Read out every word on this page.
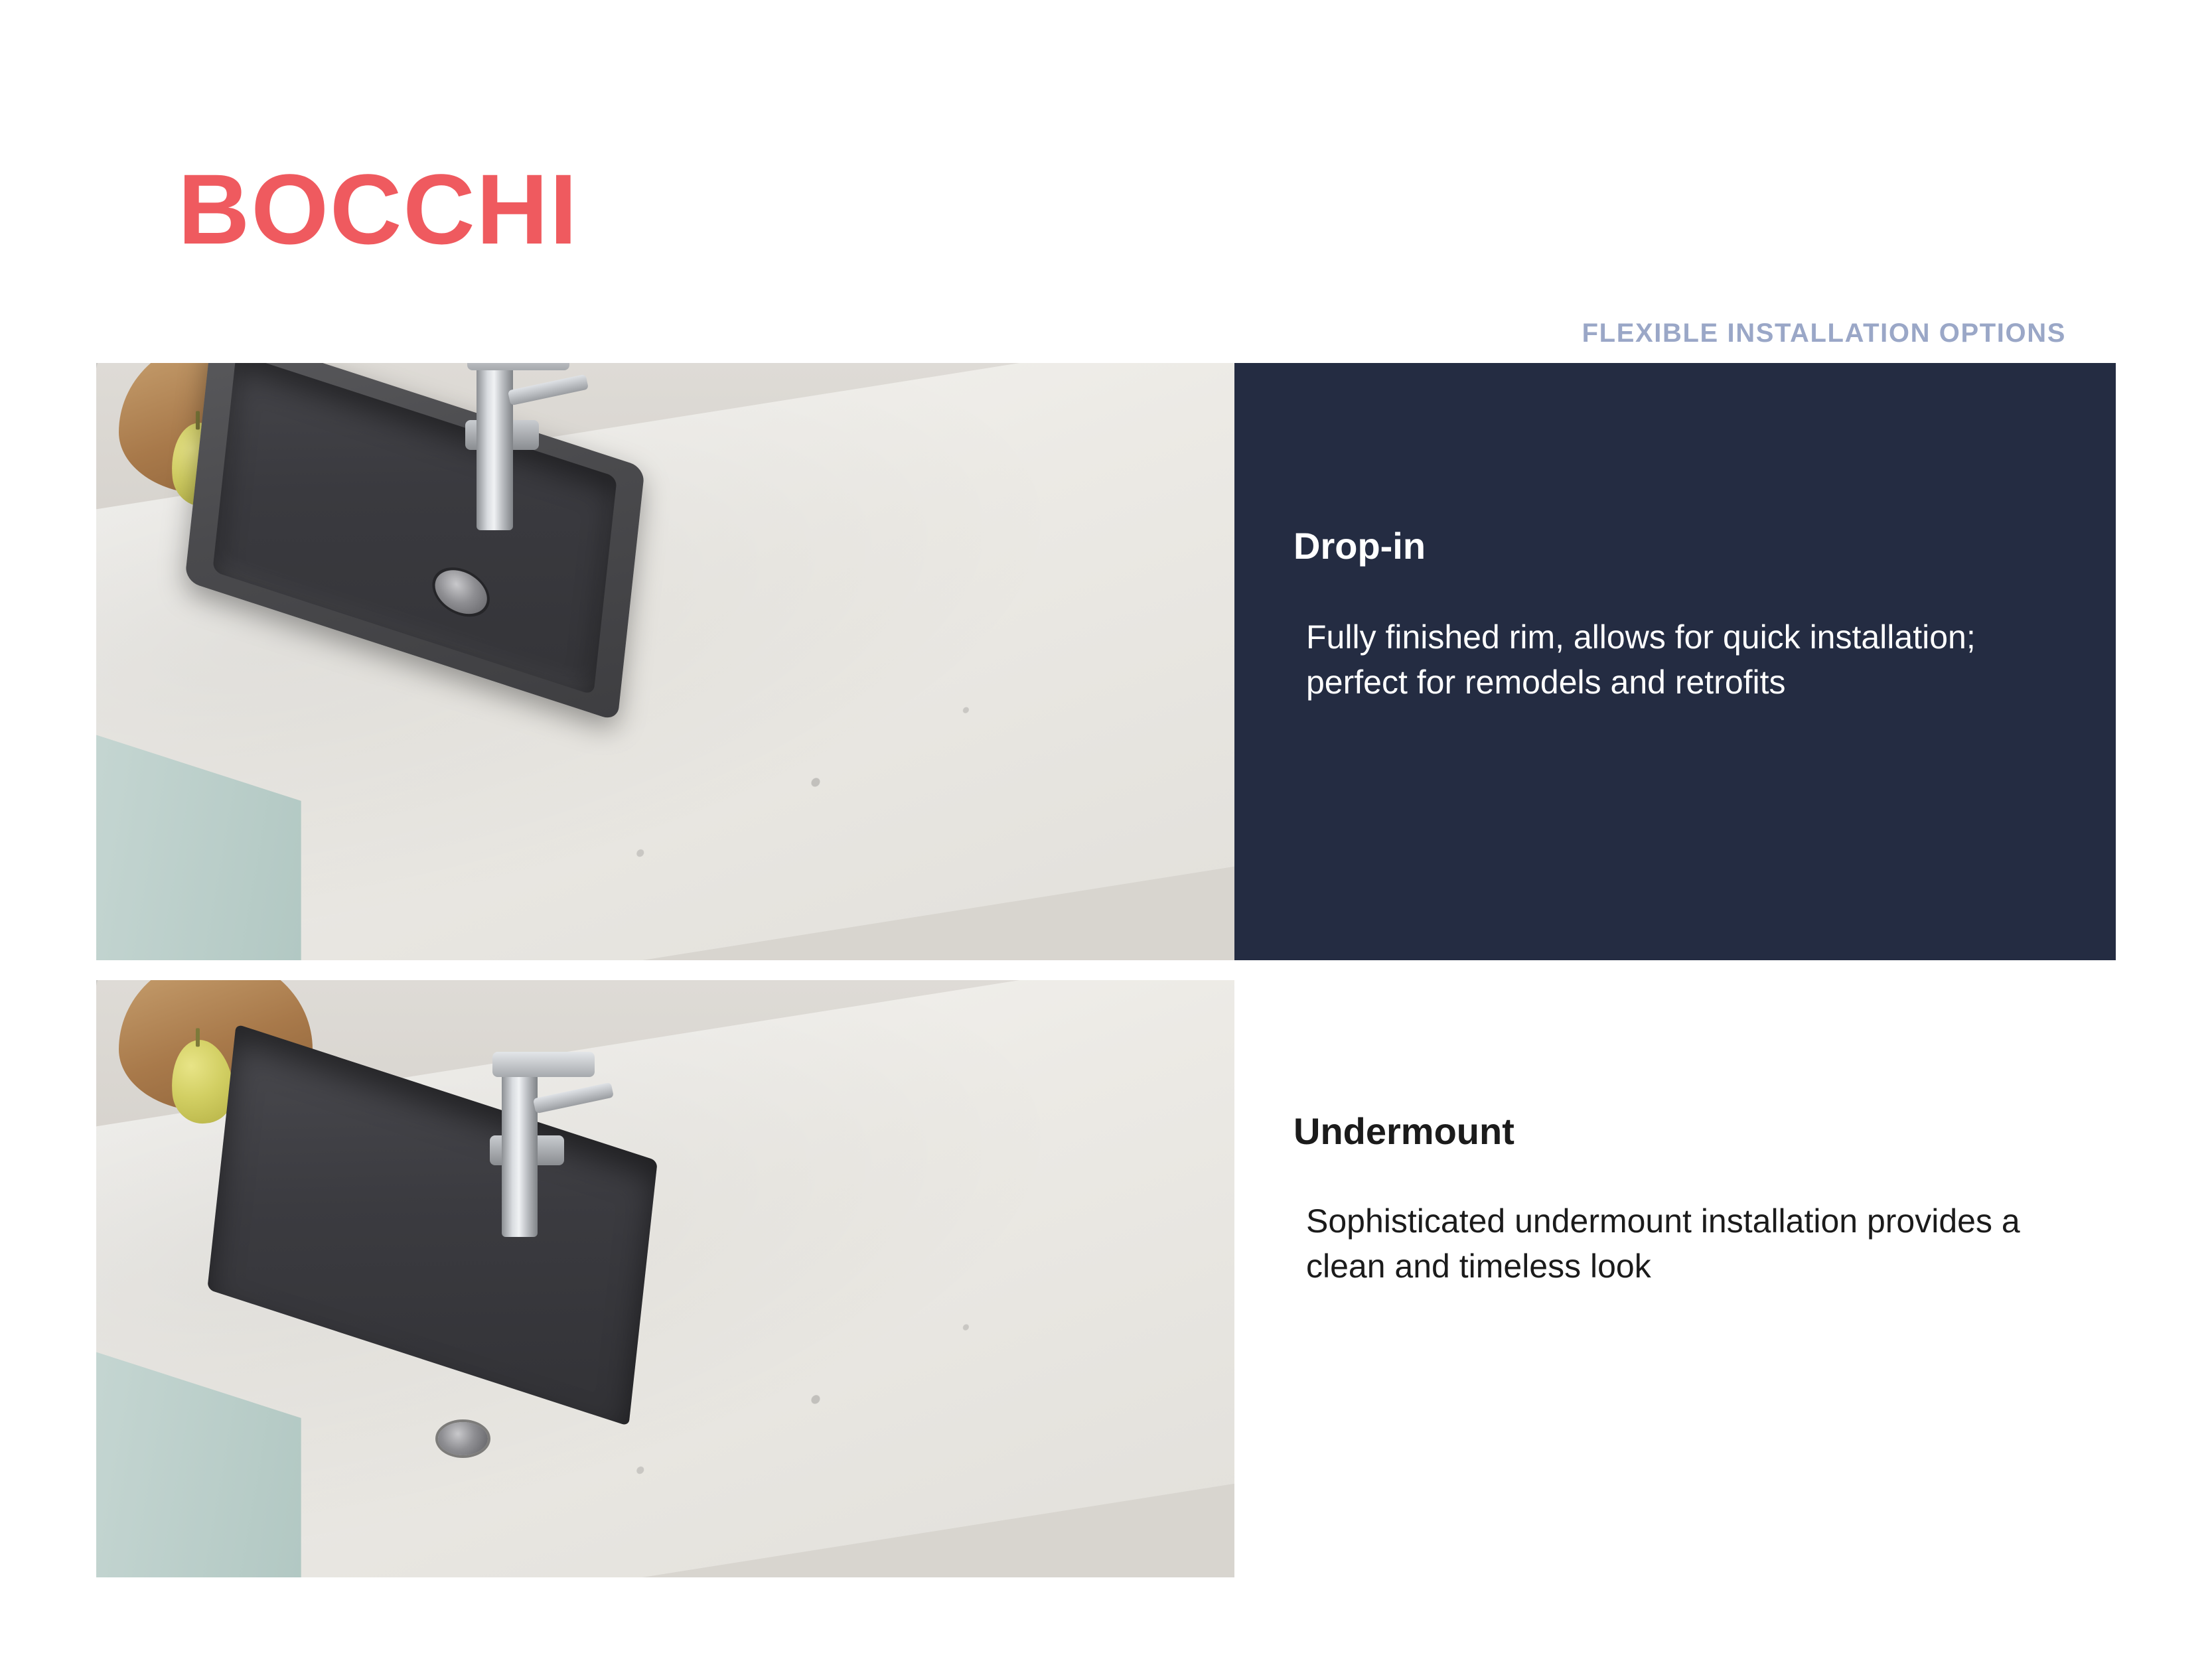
BOCCHI
FLEXIBLE INSTALLATION OPTIONS
Drop-in
Fully finished rim, allows for quick installation; perfect for remodels and retrofits
Undermount
Sophisticated undermount installation provides a clean and timeless look
